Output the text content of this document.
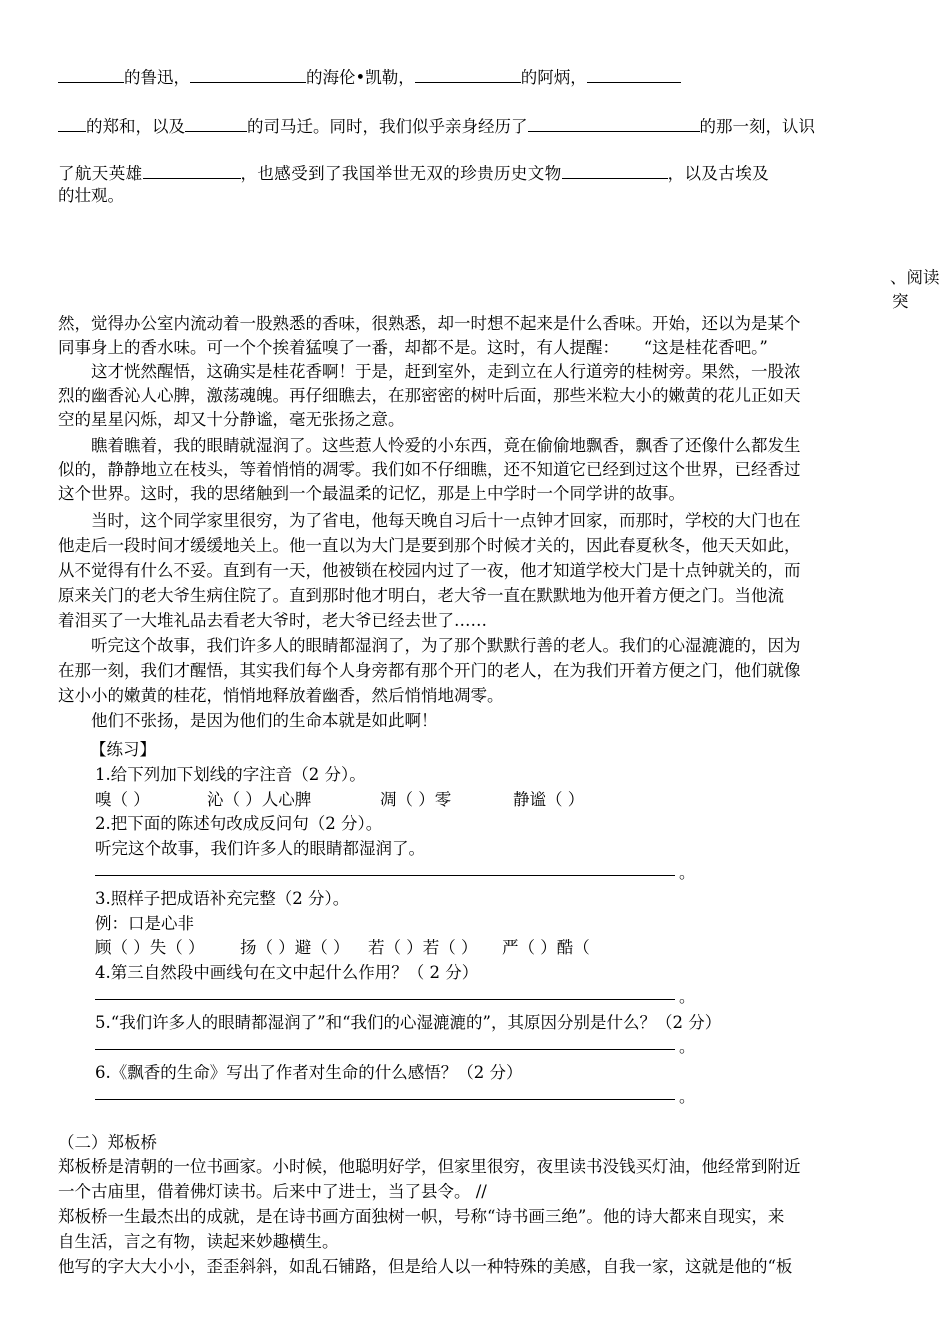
的鲁迅，	的海伦•凯勒，	的阿炳，
的郑和，以及	的司马迁。同时，我们似乎亲身经历了	的那一刻，认识
了航天英雄	，也感受到了我国举世无双的珍贵历史文物	，以及古埃及
的壮观。
、阅读
突
然，觉得办公室内流动着一股熟悉的香味，很熟悉，却一时想不起来是什么香味。开始，还以为是某个
同事身上的香水味。可一个个挨着猛嗅了一番，却都不是。这时，有人提醒：　　“这是桂花香吧。”
　　这才恍然醒悟，这确实是桂花香啊！于是，赶到室外，走到立在人行道旁的桂树旁。果然，一股浓
烈的幽香沁人心脾，激荡魂魄。再仔细瞧去，在那密密的树叶后面，那些米粒大小的嫩黄的花儿正如天
空的星星闪烁，却又十分静谧，毫无张扬之意。
　　瞧着瞧着，我的眼睛就湿润了。这些惹人怜爱的小东西，竟在偷偷地飘香，飘香了还像什么都发生
似的，静静地立在枝头，等着悄悄的凋零。我们如不仔细瞧，还不知道它已经到过这个世界，已经香过
这个世界。这时，我的思绪触到一个最温柔的记忆，那是上中学时一个同学讲的故事。
　　当时，这个同学家里很穷，为了省电，他每天晚自习后十一点钟才回家，而那时，学校的大门也在
他走后一段时间才缓缓地关上。他一直以为大门是要到那个时候才关的，因此春夏秋冬，他天天如此，
从不觉得有什么不妥。直到有一天，他被锁在校园内过了一夜，他才知道学校大门是十点钟就关的，而
原来关门的老大爷生病住院了。直到那时他才明白，老大爷一直在默默地为他开着方便之门。当他流
着泪买了一大堆礼品去看老大爷时，老大爷已经去世了……
　　听完这个故事，我们许多人的眼睛都湿润了，为了那个默默行善的老人。我们的心湿漉漉的，因为
在那一刻，我们才醒悟，其实我们每个人身旁都有那个开门的老人，在为我们开着方便之门，他们就像
这小小的嫩黄的桂花，悄悄地释放着幽香，然后悄悄地凋零。
　　他们不张扬，是因为他们的生命本就是如此啊！
【练习】
1.给下列加下划线的字注音（2 分）。
嗅（ ）	沁（ ）人心脾	凋（ ）零	静谧（ ）
2.把下面的陈述句改成反问句（2 分）。
听完这个故事，我们许多人的眼睛都湿润了。
。
3.照样子把成语补充完整（2 分）。
例：口是心非
顾（ ）失（ ） 扬（ ）避（ ） 若（ ）若（ ） 严（ ）酷（
4.第三自然段中画线句在文中起什么作用？（ 2 分）
。
5.“我们许多人的眼睛都湿润了”和“我们的心湿漉漉的”，其原因分别是什么？（2 分）
。
6.《飘香的生命》写出了作者对生命的什么感悟？（2 分）
。
（二）郑板桥
郑板桥是清朝的一位书画家。小时候，他聪明好学，但家里很穷，夜里读书没钱买灯油，他经常到附近
一个古庙里，借着佛灯读书。后来中了进士，当了县令。 //
郑板桥一生最杰出的成就，是在诗书画方面独树一帜，号称“诗书画三绝”。他的诗大都来自现实，来
自生活，言之有物，读起来妙趣横生。
他写的字大大小小，歪歪斜斜，如乱石铺路，但是给人以一种特殊的美感，自我一家，这就是他的“板
